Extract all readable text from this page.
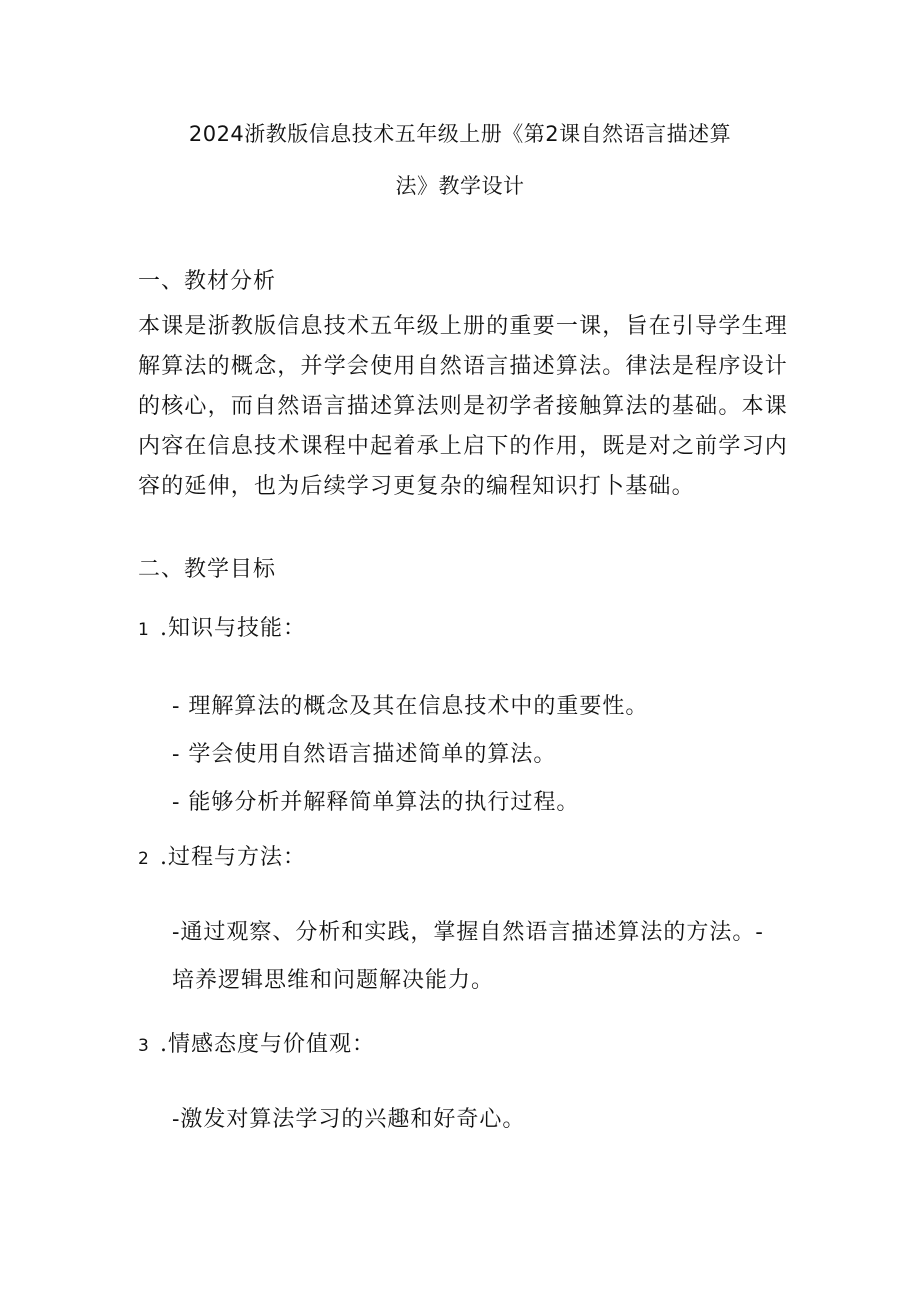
2024浙教版信息技术五年级上册《第2课自然语言描述算
法》教学设计
一、教材分析

本课是浙教版信息技术五年级上册的重要一课，旨在引导学生理解算法的概念，并学会使用自然语言描述算法。律法是程序设计的核心，而自然语言描述算法则是初学者接触算法的基础。本课内容在信息技术课程中起着承上启下的作用，既是对之前学习内容的延伸，也为后续学习更复杂的编程知识打卜基础。

二、教学目标
1 .知识与技能：
- 理解算法的概念及其在信息技术中的重要性。
- 学会使用自然语言描述简单的算法。
- 能够分析并解释简单算法的执行过程。
2 .过程与方法：

-通过观察、分析和实践，掌握自然语言描述算法的方法。-

培养逻辑思维和问题解决能力。

3 .情感态度与价值观：

-激发对算法学习的兴趣和好奇心。
